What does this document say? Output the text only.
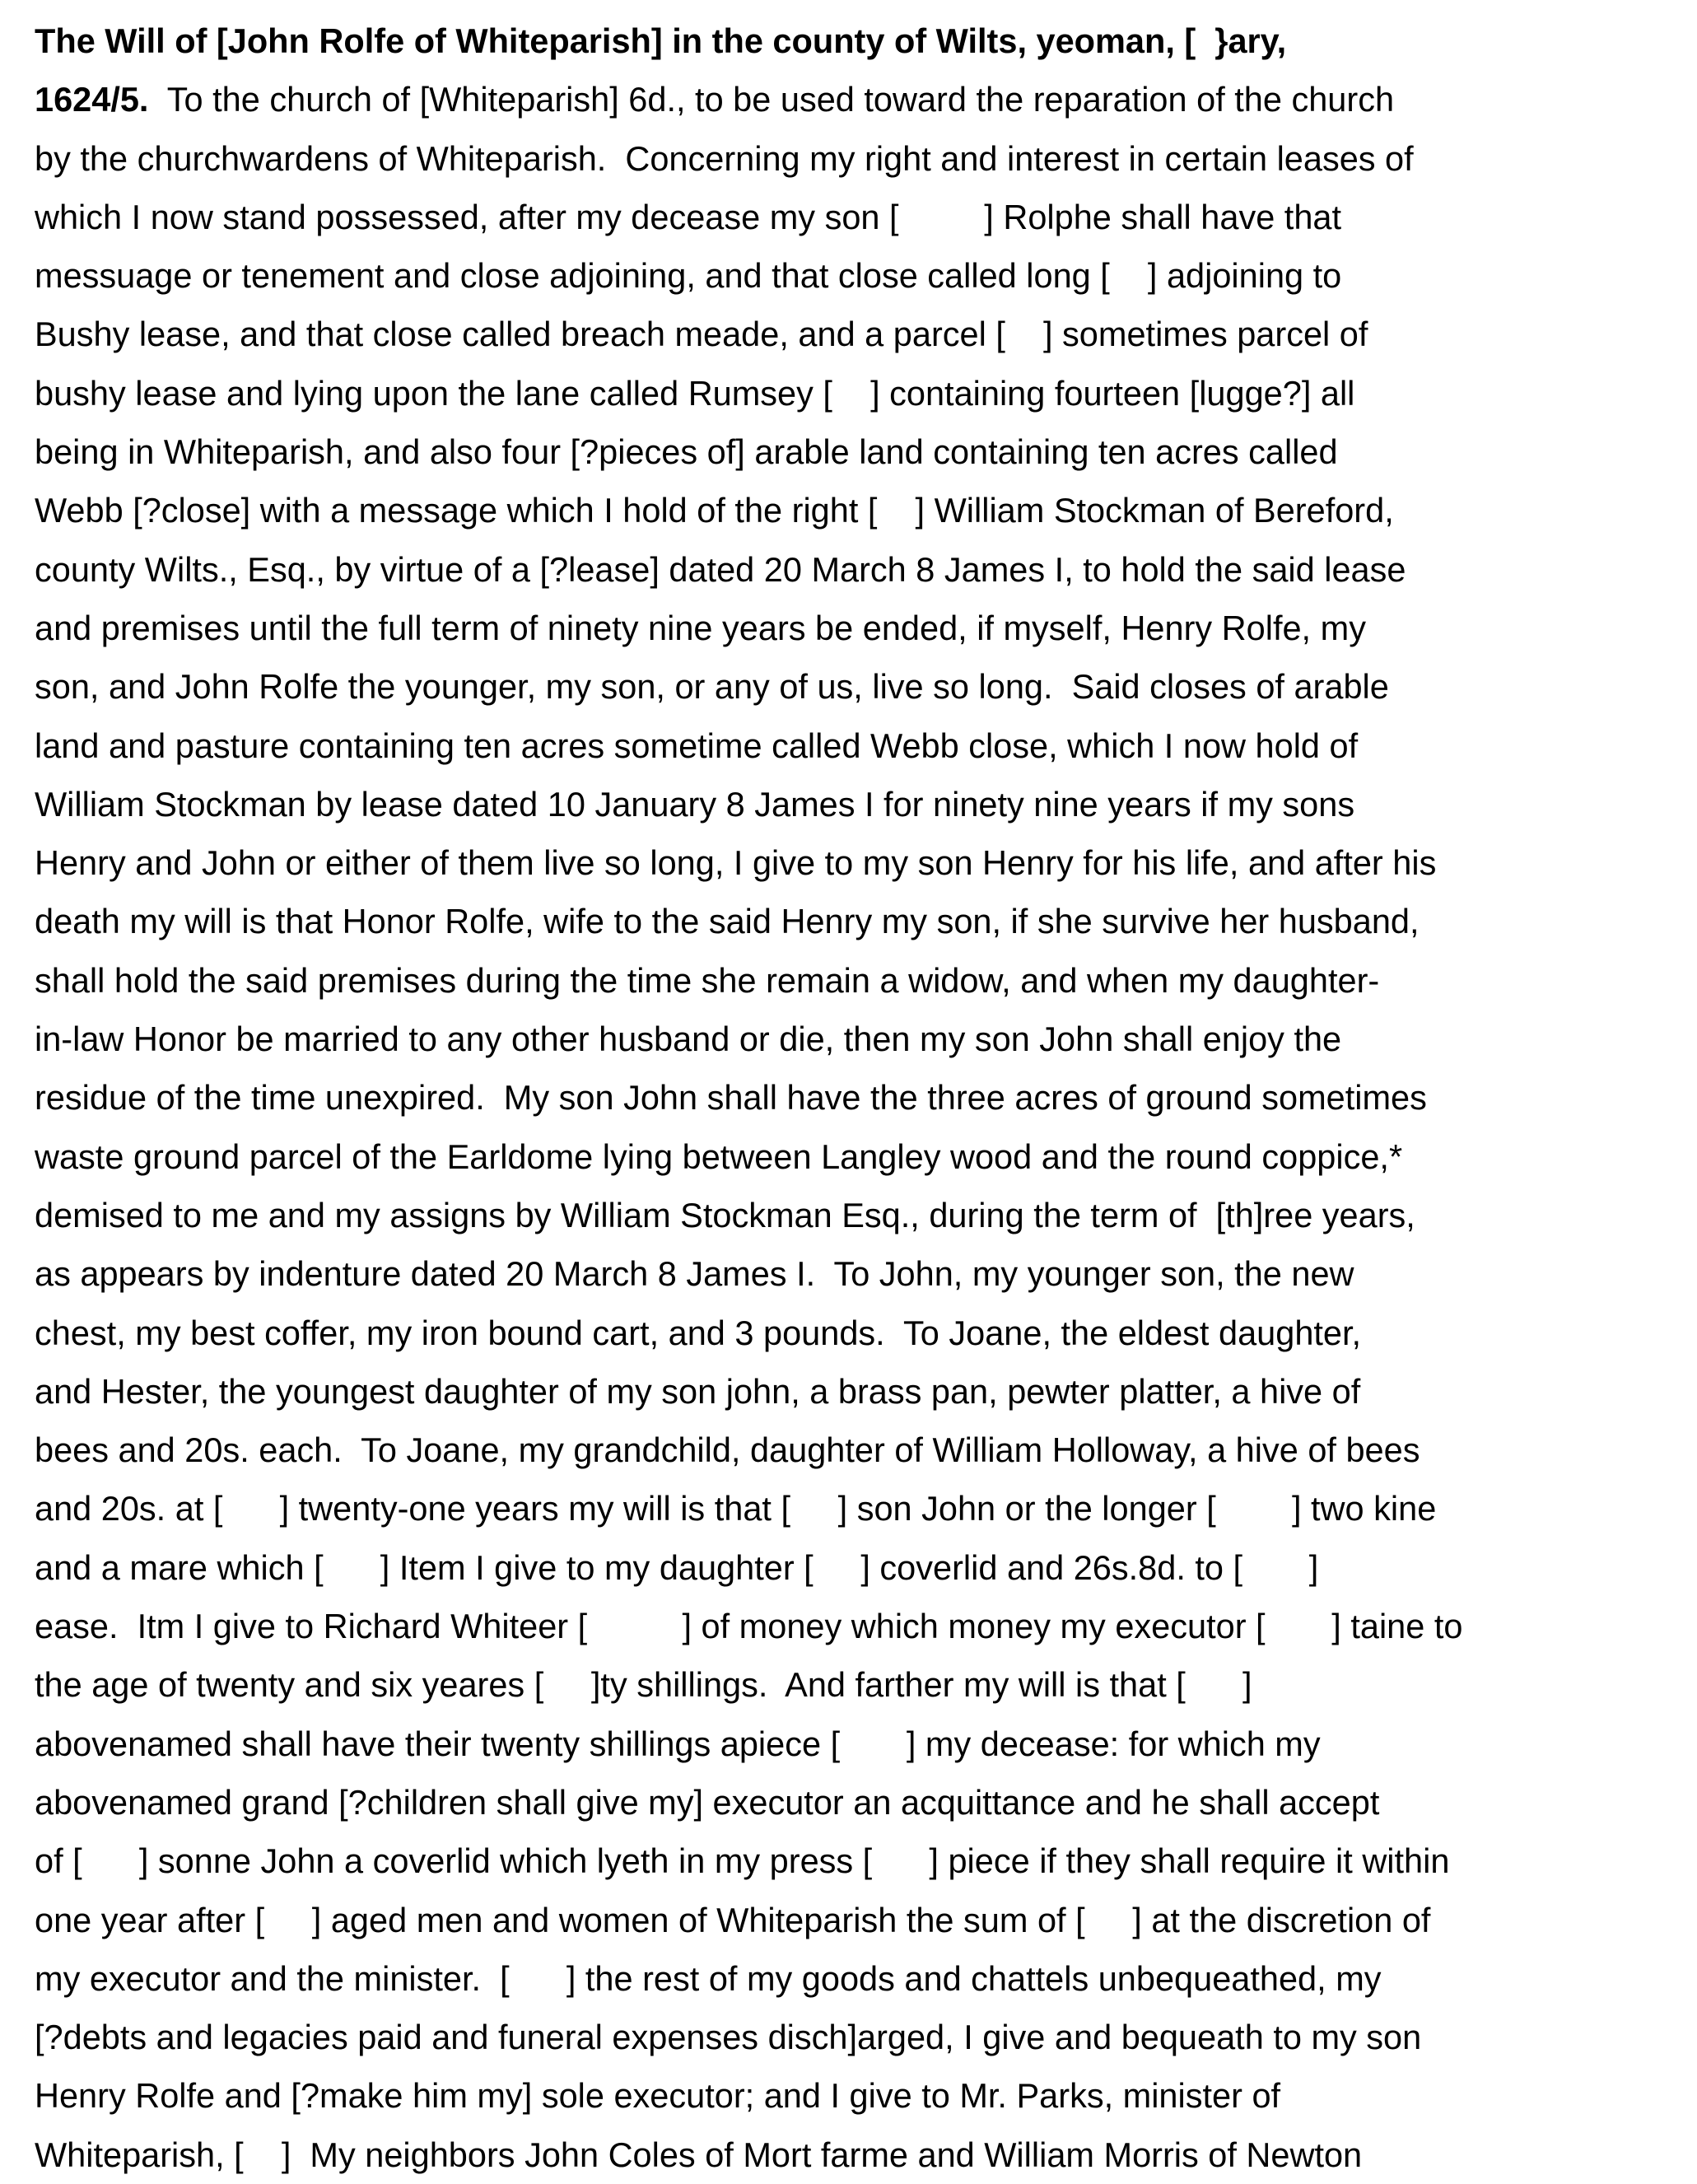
The Will of [John Rolfe of Whiteparish] in the county of Wilts, yeoman, [  }ary,
1624/5. To the church of [Whiteparish] 6d., to be used toward the reparation of the church
by the churchwardens of Whiteparish.  Concerning my right and interest in certain leases of
which I now stand possessed, after my decease my son [         ] Rolphe shall have that
messuage or tenement and close adjoining, and that close called long [    ] adjoining to
Bushy lease, and that close called breach meade, and a parcel [    ] sometimes parcel of
bushy lease and lying upon the lane called Rumsey [    ] containing fourteen [lugge?] all
being in Whiteparish, and also four [?pieces of] arable land containing ten acres called
Webb [?close] with a message which I hold of the right [    ] William Stockman of Bereford,
county Wilts., Esq., by virtue of a [?lease] dated 20 March 8 James I, to hold the said lease
and premises until the full term of ninety nine years be ended, if myself, Henry Rolfe, my
son, and John Rolfe the younger, my son, or any of us, live so long.  Said closes of arable
land and pasture containing ten acres sometime called Webb close, which I now hold of
William Stockman by lease dated 10 January 8 James I for ninety nine years if my sons
Henry and John or either of them live so long, I give to my son Henry for his life, and after his
death my will is that Honor Rolfe, wife to the said Henry my son, if she survive her husband,
shall hold the said premises during the time she remain a widow, and when my daughter-
in-law Honor be married to any other husband or die, then my son John shall enjoy the
residue of the time unexpired.  My son John shall have the three acres of ground sometimes
waste ground parcel of the Earldome lying between Langley wood and the round coppice,*
demised to me and my assigns by William Stockman Esq., during the term of  [th]ree years,
as appears by indenture dated 20 March 8 James I.  To John, my younger son, the new
chest, my best coffer, my iron bound cart, and 3 pounds.  To Joane, the eldest daughter,
and Hester, the youngest daughter of my son john, a brass pan, pewter platter, a hive of
bees and 20s. each.  To Joane, my grandchild, daughter of William Holloway, a hive of bees
and 20s. at [      ] twenty-one years my will is that [     ] son John or the longer [        ] two kine
and a mare which [      ] Item I give to my daughter [     ] coverlid and 26s.8d. to [       ]
ease.  Itm I give to Richard Whiteer [          ] of money which money my executor [       ] taine to
the age of twenty and six yeares [     ]ty shillings.  And farther my will is that [      ]
abovenamed shall have their twenty shillings apiece [       ] my decease: for which my
abovenamed grand [?children shall give my] executor an acquittance and he shall accept
of [      ] sonne John a coverlid which lyeth in my press [      ] piece if they shall require it within
one year after [     ] aged men and women of Whiteparish the sum of [     ] at the discretion of
my executor and the minister.  [      ] the rest of my goods and chattels unbequeathed, my
[?debts and legacies paid and funeral expenses disch]arged, I give and bequeath to my son
Henry Rolfe and [?make him my] sole executor; and I give to Mr. Parks, minister of
Whiteparish, [    ]  My neighbors John Coles of Mort farme and William Morris of Newton
